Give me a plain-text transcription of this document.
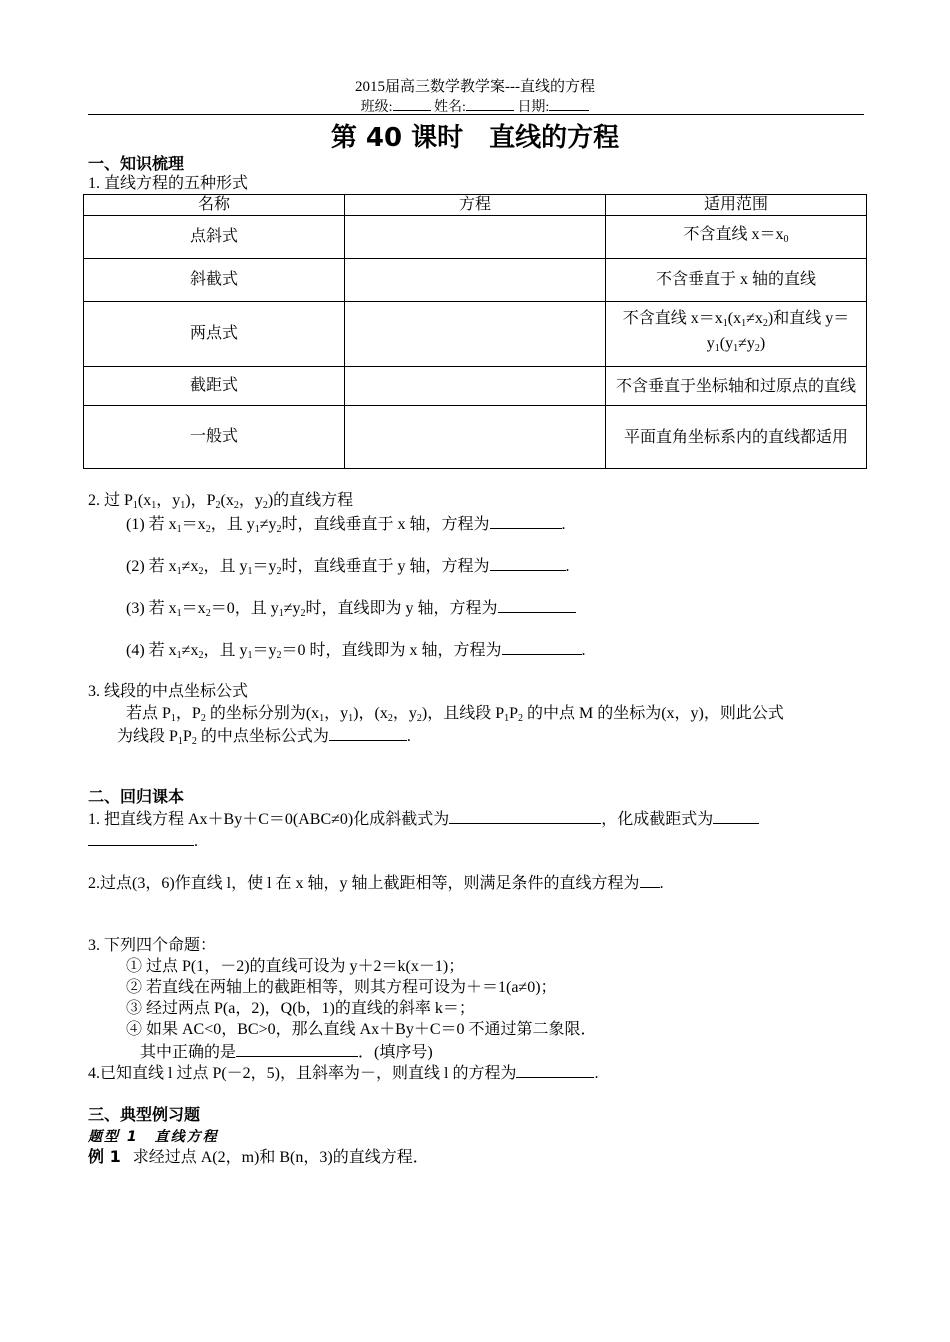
2015届高三数学教学案---直线的方程
班级:	姓名:	日期:
第 40 课时　直线的方程
一、知识梳理
1. 直线方程的五种形式
名称	方程	适用范围
点斜式		不含直线 $x=x_0$
斜截式		不含垂直于 x 轴的直线
两点式		不含直线 $x=x_1(x_1\ne x_2)$和直线 $y=y_1(y_1\ne y_2)$
截距式		不含垂直于坐标轴和过原点的直线
一般式		平面直角坐标系内的直线都适用
2. 过 $P_1(x_1$，$y_1$)，$P_2(x_2$，$y_2$)的直线方程
(1) 若 $x_1=x_2$，且 $y_1\ne y_2$时，直线垂直于 x 轴，方程为	.
(2) 若 $x_1\ne x_2$，且 $y_1=y_2$时，直线垂直于 y 轴，方程为	.
(3) 若 $x_1=x_2=0$，且 $y_1\ne y_2$时，直线即为 y 轴，方程为
(4) 若 $x_1\ne x_2$，且 $y_1=y_2=0$ 时，直线即为 x 轴，方程为	.
3. 线段的中点坐标公式
若点 $P_1$，$P_2$ 的坐标分别为($x_1$，$y_1$)，($x_2$，$y_2$)，且线段 $P_1P_2$ 的中点 M 的坐标为(x，y)，则此公式
为线段 $P_1P_2$ 的中点坐标公式为	.
二、回归课本
1. 把直线方程 Ax＋By＋C＝0(ABC≠0)化成斜截式为	，化成截距式为
.
2.过点(3，6)作直线 l，使 l 在 x 轴，y 轴上截距相等，则满足条件的直线方程为 .
3. 下列四个命题：
① 过点 P(1，－2)的直线可设为 y＋2＝k(x－1)；
② 若直线在两轴上的截距相等，则其方程可设为＋＝1(a≠0)；
③ 经过两点 P(a，2)，Q(b，1)的直线的斜率 k＝；
④ 如果 AC<0，BC>0，那么直线 Ax＋By＋C＝0 不通过第二象限．
其中正确的是	．(填序号)
4.已知直线 l 过点 P(－2，5)，且斜率为－，则直线 l 的方程为	.
三、典型例习题
题型 1　直线方程
例 1 求经过点 A(2，m)和 B(n，3)的直线方程．
